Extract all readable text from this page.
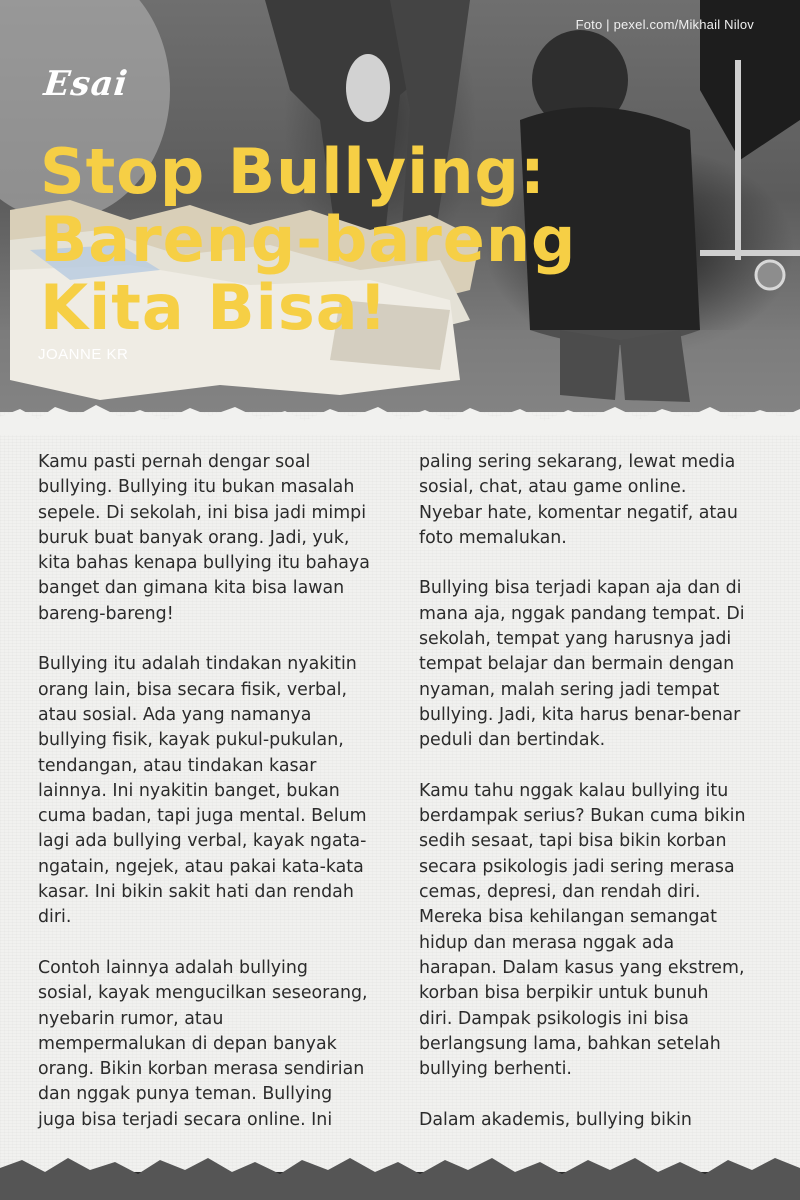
Foto | pexel.com/Mikhail Nilov
Esai
Stop Bullying:
Bareng-bareng
Kita Bisa!
JOANNE KR

Kamu pasti pernah dengar soal
bullying. Bullying itu bukan masalah
sepele. Di sekolah, ini bisa jadi mimpi
buruk buat banyak orang. Jadi, yuk,
kita bahas kenapa bullying itu bahaya
banget dan gimana kita bisa lawan
bareng-bareng!

Bullying itu adalah tindakan nyakitin
orang lain, bisa secara fisik, verbal,
atau sosial. Ada yang namanya
bullying fisik, kayak pukul-pukulan,
tendangan, atau tindakan kasar
lainnya. Ini nyakitin banget, bukan
cuma badan, tapi juga mental. Belum
lagi ada bullying verbal, kayak ngata-
ngatain, ngejek, atau pakai kata-kata
kasar. Ini bikin sakit hati dan rendah
diri.

Contoh lainnya adalah bullying
sosial, kayak mengucilkan seseorang,
nyebarin rumor, atau
mempermalukan di depan banyak
orang. Bikin korban merasa sendirian
dan nggak punya teman. Bullying
juga bisa terjadi secara online. Ini

paling sering sekarang, lewat media
sosial, chat, atau game online.
Nyebar hate, komentar negatif, atau
foto memalukan.

Bullying bisa terjadi kapan aja dan di
mana aja, nggak pandang tempat. Di
sekolah, tempat yang harusnya jadi
tempat belajar dan bermain dengan
nyaman, malah sering jadi tempat
bullying. Jadi, kita harus benar-benar
peduli dan bertindak.

Kamu tahu nggak kalau bullying itu
berdampak serius? Bukan cuma bikin
sedih sesaat, tapi bisa bikin korban
secara psikologis jadi sering merasa
cemas, depresi, dan rendah diri.
Mereka bisa kehilangan semangat
hidup dan merasa nggak ada
harapan. Dalam kasus yang ekstrem,
korban bisa berpikir untuk bunuh
diri. Dampak psikologis ini bisa
berlangsung lama, bahkan setelah
bullying berhenti.

Dalam akademis, bullying bikin
